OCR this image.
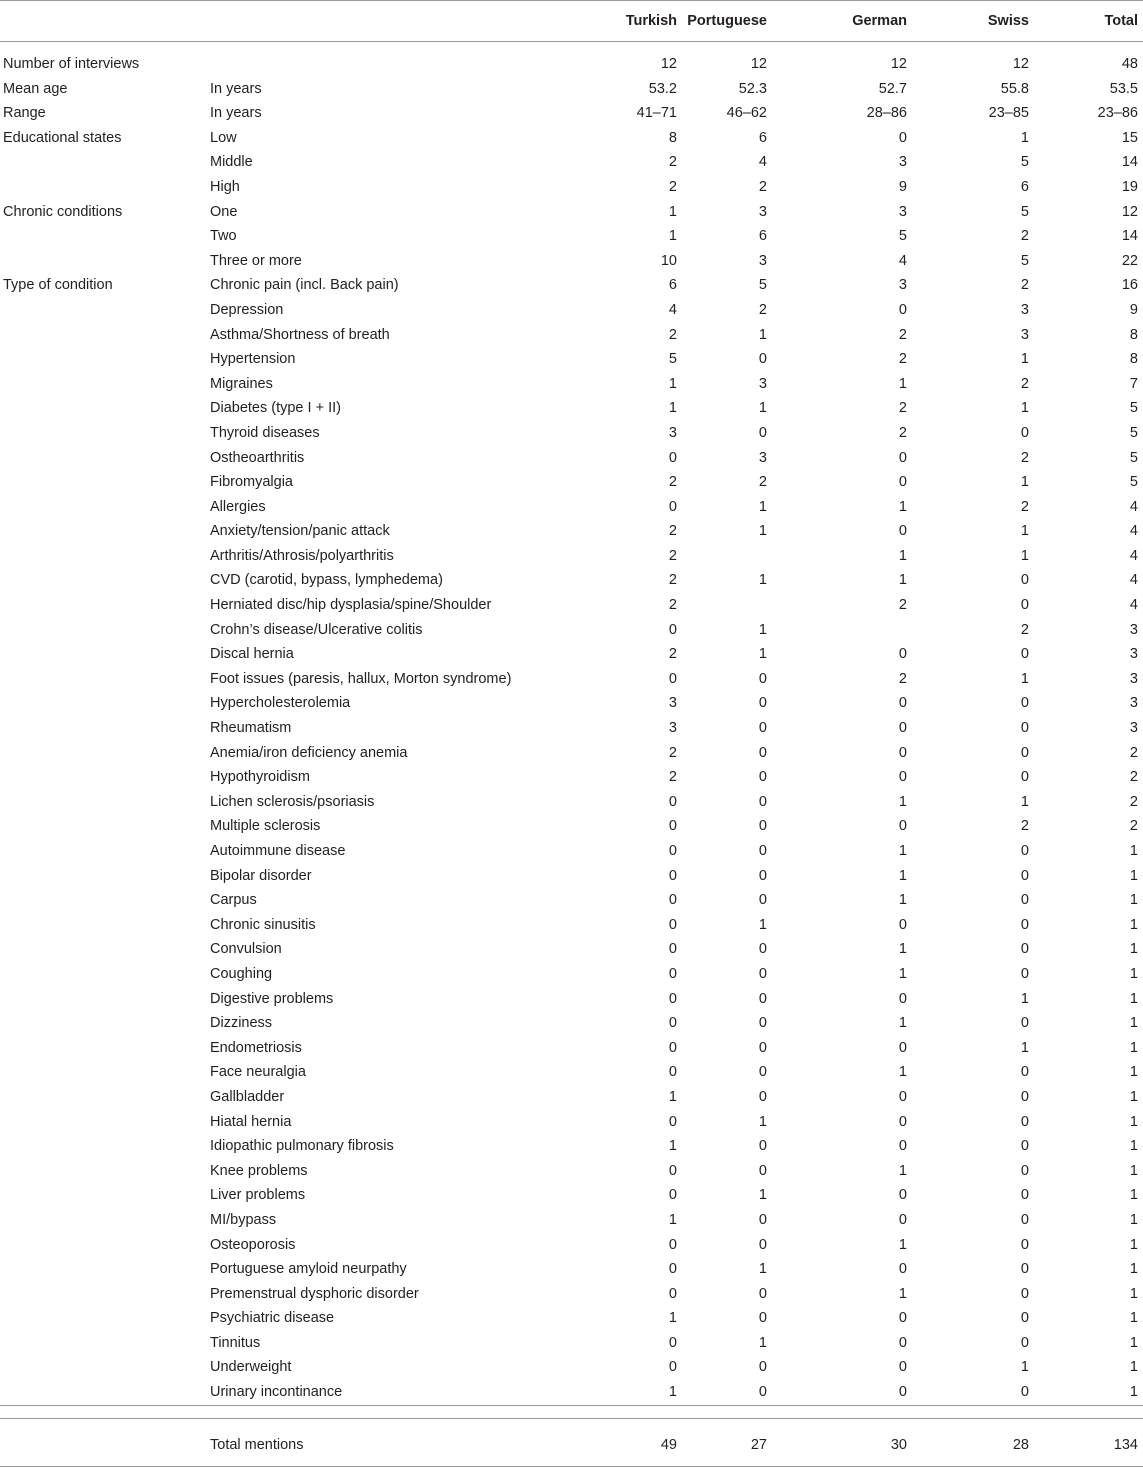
		Turkish	Portuguese	German	Swiss	Total
Number of interviews		12	12	12	12	48
Mean age	In years	53.2	52.3	52.7	55.8	53.5
Range	In years	41–71	46–62	28–86	23–85	23–86
Educational states	Low	8	6	0	1	15
	Middle	2	4	3	5	14
	High	2	2	9	6	19
Chronic conditions	One	1	3	3	5	12
	Two	1	6	5	2	14
	Three or more	10	3	4	5	22
Type of condition	Chronic pain (incl. Back pain)	6	5	3	2	16
	Depression	4	2	0	3	9
	Asthma/Shortness of breath	2	1	2	3	8
	Hypertension	5	0	2	1	8
	Migraines	1	3	1	2	7
	Diabetes (type I + II)	1	1	2	1	5
	Thyroid diseases	3	0	2	0	5
	Ostheoarthritis	0	3	0	2	5
	Fibromyalgia	2	2	0	1	5
	Allergies	0	1	1	2	4
	Anxiety/tension/panic attack	2	1	0	1	4
	Arthritis/Athrosis/polyarthritis	2		1	1	4
	CVD (carotid, bypass, lymphedema)	2	1	1	0	4
	Herniated disc/hip dysplasia/spine/Shoulder	2		2	0	4
	Crohn’s disease/Ulcerative colitis	0	1		2	3
	Discal hernia	2	1	0	0	3
	Foot issues (paresis, hallux, Morton syndrome)	0	0	2	1	3
	Hypercholesterolemia	3	0	0	0	3
	Rheumatism	3	0	0	0	3
	Anemia/iron deficiency anemia	2	0	0	0	2
	Hypothyroidism	2	0	0	0	2
	Lichen sclerosis/psoriasis	0	0	1	1	2
	Multiple sclerosis	0	0	0	2	2
	Autoimmune disease	0	0	1	0	1
	Bipolar disorder	0	0	1	0	1
	Carpus	0	0	1	0	1
	Chronic sinusitis	0	1	0	0	1
	Convulsion	0	0	1	0	1
	Coughing	0	0	1	0	1
	Digestive problems	0	0	0	1	1
	Dizziness	0	0	1	0	1
	Endometriosis	0	0	0	1	1
	Face neuralgia	0	0	1	0	1
	Gallbladder	1	0	0	0	1
	Hiatal hernia	0	1	0	0	1
	Idiopathic pulmonary fibrosis	1	0	0	0	1
	Knee problems	0	0	1	0	1
	Liver problems	0	1	0	0	1
	MI/bypass	1	0	0	0	1
	Osteoporosis	0	0	1	0	1
	Portuguese amyloid neurpathy	0	1	0	0	1
	Premenstrual dysphoric disorder	0	0	1	0	1
	Psychiatric disease	1	0	0	0	1
	Tinnitus	0	1	0	0	1
	Underweight	0	0	0	1	1
	Urinary incontinance	1	0	0	0	1

	Total mentions	49	27	30	28	134
